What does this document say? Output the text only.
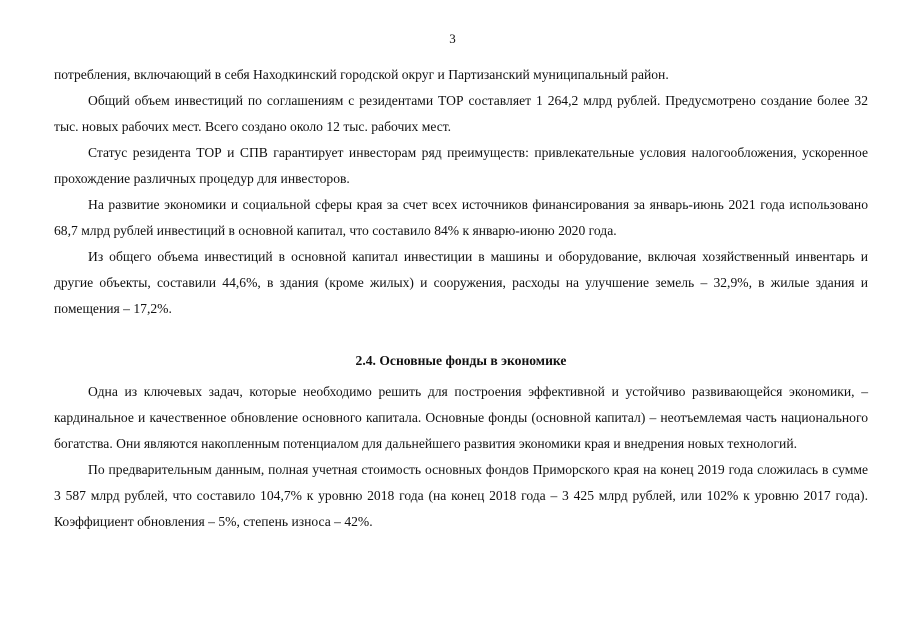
3

потребления, включающий в себя Находкинский городской округ и Партизанский муниципальный район.

Общий объем инвестиций по соглашениям с резидентами ТОР составляет 1 264,2 млрд рублей. Предусмотрено создание более 32 тыс. новых рабочих мест. Всего создано около 12 тыс. рабочих мест.

Статус резидента ТОР и СПВ гарантирует инвесторам ряд преимуществ: привлекательные условия налогообложения, ускоренное прохождение различных процедур для инвесторов.

На развитие экономики и социальной сферы края за счет всех источников финансирования за январь-июнь 2021 года использовано 68,7 млрд рублей инвестиций в основной капитал, что составило 84% к январю-июню 2020 года.

Из общего объема инвестиций в основной капитал инвестиции в машины и оборудование, включая хозяйственный инвентарь и другие объекты, составили 44,6%, в здания (кроме жилых) и сооружения, расходы на улучшение земель – 32,9%, в жилые здания и помещения – 17,2%.

2.4. Основные фонды в экономике

Одна из ключевых задач, которые необходимо решить для построения эффективной и устойчиво развивающейся экономики, – кардинальное и качественное обновление основного капитала. Основные фонды (основной капитал) – неотъемлемая часть национального богатства. Они являются накопленным потенциалом для дальнейшего развития экономики края и внедрения новых технологий.

По предварительным данным, полная учетная стоимость основных фондов Приморского края на конец 2019 года сложилась в сумме 3 587 млрд рублей, что составило 104,7% к уровню 2018 года (на конец 2018 года – 3 425 млрд рублей, или 102% к уровню 2017 года). Коэффициент обновления – 5%, степень износа – 42%.
